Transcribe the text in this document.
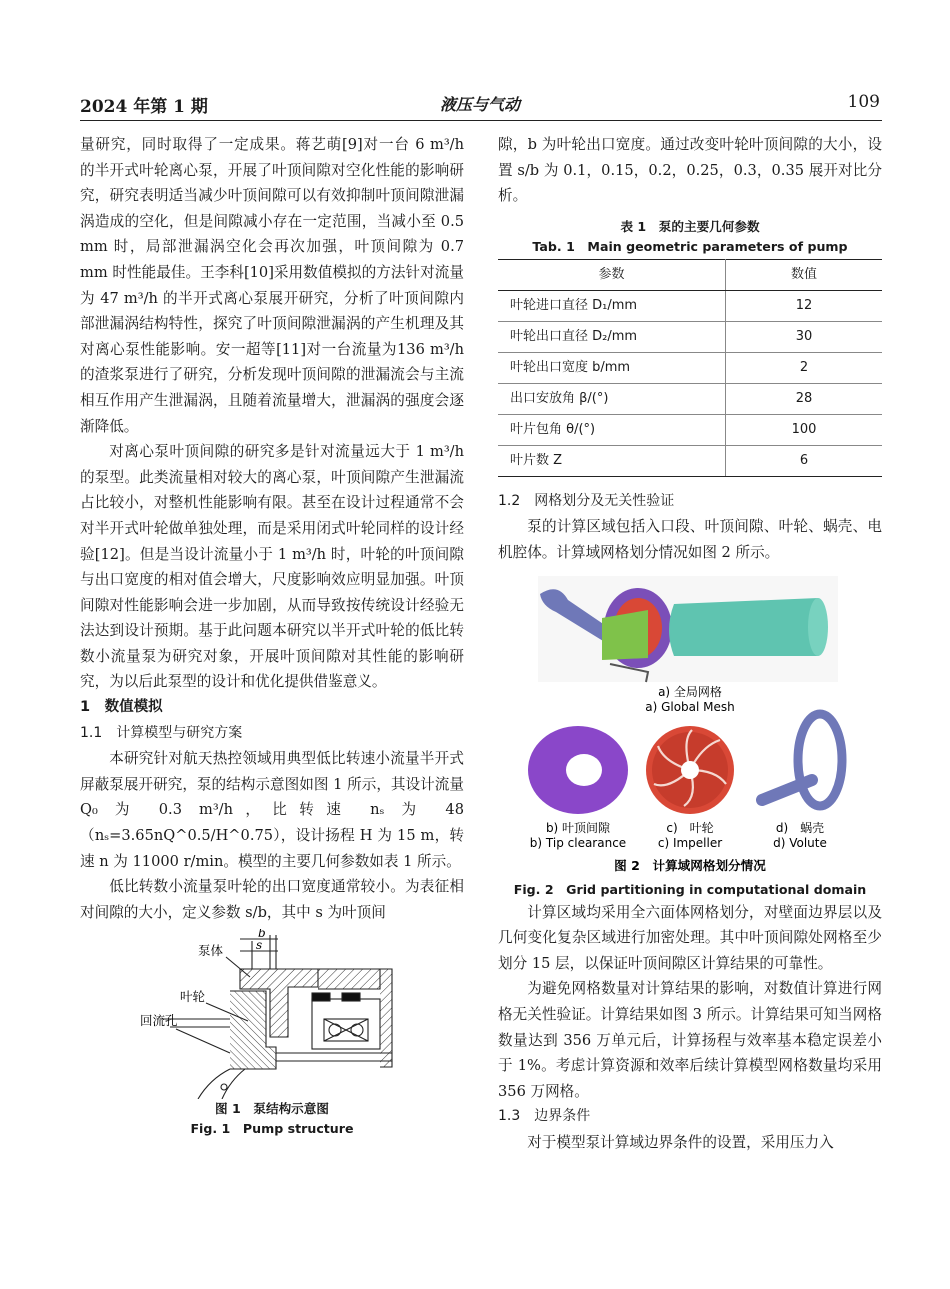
2024 年第 1 期	液压与气动	109

量研究，同时取得了一定成果。蒋艺萌[9]对一台 6 m³/h 的半开式叶轮离心泵，开展了叶顶间隙对空化性能的影响研究，研究表明适当减少叶顶间隙可以有效抑制叶顶间隙泄漏涡造成的空化，但是间隙减小存在一定范围，当减小至 0.5 mm 时，局部泄漏涡空化会再次加强，叶顶间隙为 0.7 mm 时性能最佳。王李科[10]采用数值模拟的方法针对流量为 47 m³/h 的半开式离心泵展开研究，分析了叶顶间隙内部泄漏涡结构特性，探究了叶顶间隙泄漏涡的产生机理及其对离心泵性能影响。安一超等[11]对一台流量为136 m³/h 的渣浆泵进行了研究，分析发现叶顶间隙的泄漏流会与主流相互作用产生泄漏涡，且随着流量增大，泄漏涡的强度会逐渐降低。

对离心泵叶顶间隙的研究多是针对流量远大于 1 m³/h 的泵型。此类流量相对较大的离心泵，叶顶间隙产生泄漏流占比较小，对整机性能影响有限。甚至在设计过程通常不会对半开式叶轮做单独处理，而是采用闭式叶轮同样的设计经验[12]。但是当设计流量小于 1 m³/h 时，叶轮的叶顶间隙与出口宽度的相对值会增大，尺度影响效应明显加强。叶顶间隙对性能影响会进一步加剧，从而导致按传统设计经验无法达到设计预期。基于此问题本研究以半开式叶轮的低比转数小流量泵为研究对象，开展叶顶间隙对其性能的影响研究，为以后此泵型的设计和优化提供借鉴意义。

1　数值模拟

1.1　计算模型与研究方案

本研究针对航天热控领域用典型低比转速小流量半开式屏蔽泵展开研究，泵的结构示意图如图 1 所示，其设计流量 Q₀ 为 0.3 m³/h，比转速 nₛ 为 48（nₛ=3.65nQ^0.5/H^0.75），设计扬程 H 为 15 m，转速 n 为 11000 r/min。模型的主要几何参数如表 1 所示。

低比转数小流量泵叶轮的出口宽度通常较小。为表征相对间隙的大小，定义参数 s/b，其中 s 为叶顶间

b
s
泵体
叶轮
回流孔
图 1　泵结构示意图
Fig. 1　Pump structure

隙，b 为叶轮出口宽度。通过改变叶轮叶顶间隙的大小，设置 s/b 为 0.1，0.15，0.2，0.25，0.3，0.35 展开对比分析。

表 1　泵的主要几何参数
Tab. 1　Main geometric parameters of pump
参数	数值
叶轮进口直径 D₁/mm	12
叶轮出口直径 D₂/mm	30
叶轮出口宽度 b/mm	2
出口安放角 β/(°)	28
叶片包角 θ/(°)	100
叶片数 Z	6

1.2　网格划分及无关性验证

泵的计算区域包括入口段、叶顶间隙、叶轮、蜗壳、电机腔体。计算域网格划分情况如图 2 所示。

a) 全局网格
a) Global Mesh
b) 叶顶间隙
b) Tip clearance
c)　叶轮
c) Impeller
d)　蜗壳
d) Volute
图 2　计算域网格划分情况
Fig. 2　Grid partitioning in computational domain

计算区域均采用全六面体网格划分，对壁面边界层以及几何变化复杂区域进行加密处理。其中叶顶间隙处网格至少划分 15 层，以保证叶顶间隙区计算结果的可靠性。

为避免网格数量对计算结果的影响，对数值计算进行网格无关性验证。计算结果如图 3 所示。计算结果可知当网格数量达到 356 万单元后，计算扬程与效率基本稳定误差小于 1%。考虑计算资源和效率后续计算模型网格数量均采用 356 万网格。

1.3　边界条件

对于模型泵计算域边界条件的设置，采用压力入
